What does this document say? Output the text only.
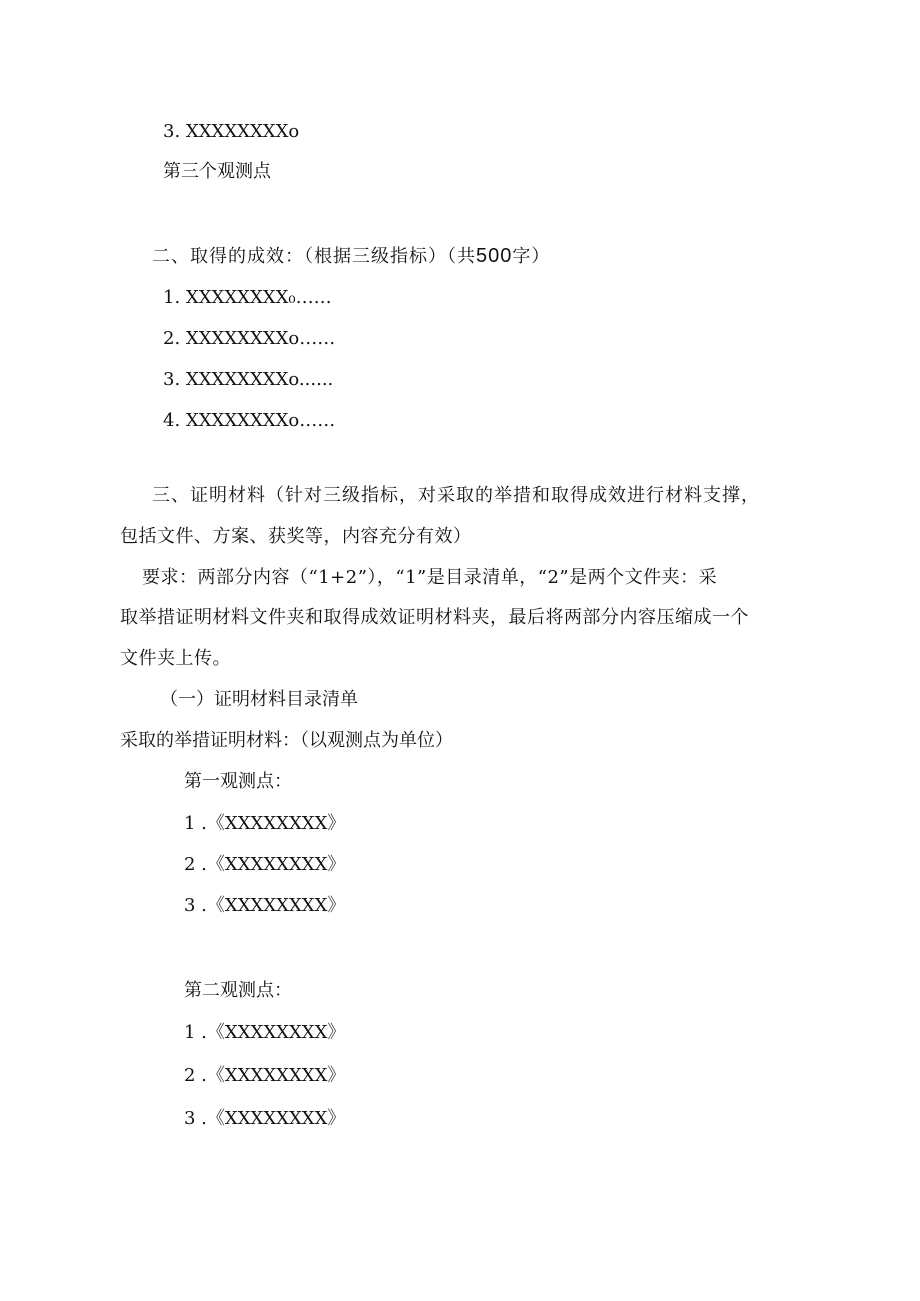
3. XXXXXXXXo
第三个观测点
二、取得的成效：（根据三级指标）（共500字）
1. XXXXXXXX₀……
2. XXXXXXXXo……
3. XXXXXXXXo......
4. XXXXXXXXo……
三、证明材料（针对三级指标，对采取的举措和取得成效进行材料支撑，
包括文件、方案、获奖等，内容充分有效）
要求：两部分内容（“1+2”），“1”是目录清单，“2”是两个文件夹：采
取举措证明材料文件夹和取得成效证明材料夹，最后将两部分内容压缩成一个
文件夹上传。
（一）证明材料目录清单
采取的举措证明材料：（以观测点为单位）
第一观测点：
1 .《XXXXXXXX》
2 .《XXXXXXXX》
3 .《XXXXXXXX》
第二观测点：
1 .《XXXXXXXX》
2 .《XXXXXXXX》
3 .《XXXXXXXX》
